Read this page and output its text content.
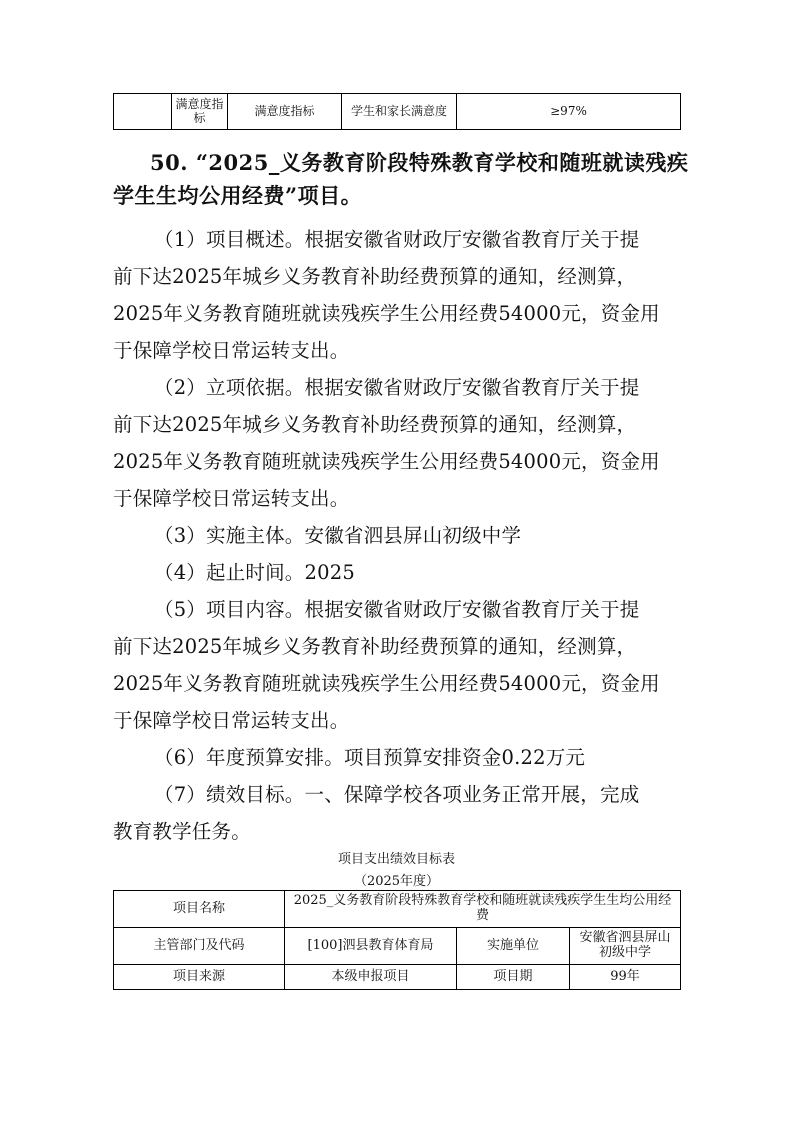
	满意度指标	满意度指标	学生和家长满意度	≥97%
50. “2025_义务教育阶段特殊教育学校和随班就读残疾
学生生均公用经费”项目。
（1）项目概述。根据安徽省财政厅安徽省教育厅关于提
前下达2025年城乡义务教育补助经费预算的通知，经测算，
2025年义务教育随班就读残疾学生公用经费54000元，资金用
于保障学校日常运转支出。
（2）立项依据。根据安徽省财政厅安徽省教育厅关于提
前下达2025年城乡义务教育补助经费预算的通知，经测算，
2025年义务教育随班就读残疾学生公用经费54000元，资金用
于保障学校日常运转支出。
（3）实施主体。安徽省泗县屏山初级中学
（4）起止时间。2025
（5）项目内容。根据安徽省财政厅安徽省教育厅关于提
前下达2025年城乡义务教育补助经费预算的通知，经测算，
2025年义务教育随班就读残疾学生公用经费54000元，资金用
于保障学校日常运转支出。
（6）年度预算安排。项目预算安排资金0.22万元
（7）绩效目标。一、保障学校各项业务正常开展，完成
教育教学任务。
项目支出绩效目标表
（2025年度）
项目名称	2025_义务教育阶段特殊教育学校和随班就读残疾学生生均公用经费		
主管部门及代码	[100]泗县教育体育局	实施单位	安徽省泗县屏山初级中学
项目来源	本级申报项目	项目期	99年
